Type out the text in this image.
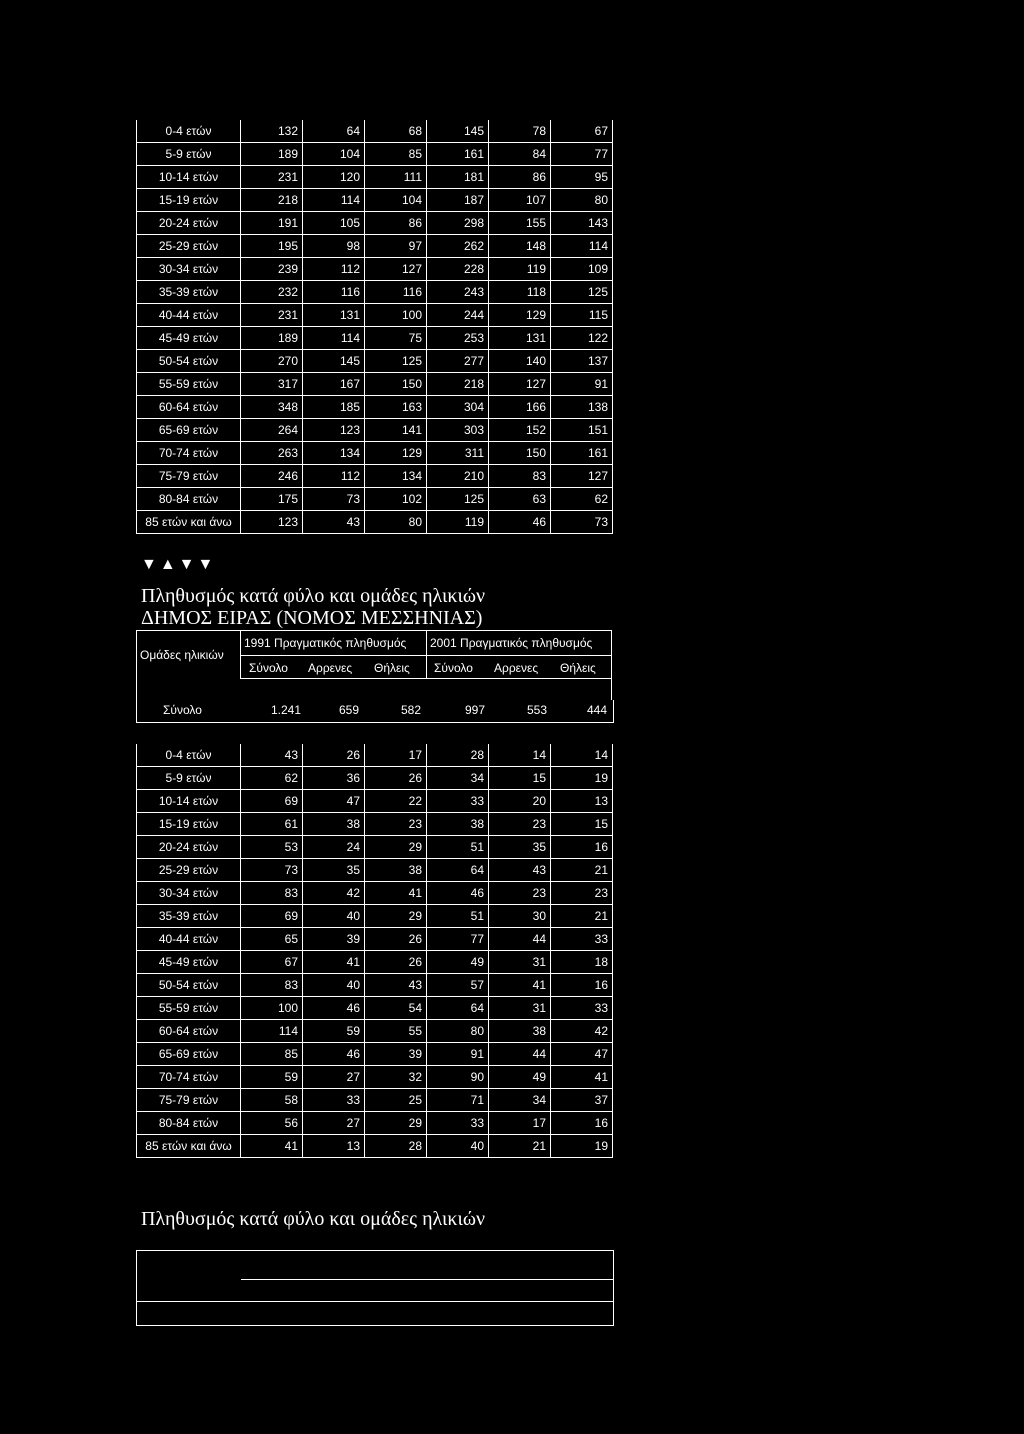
0-4 ετών	132	64	68	145	78	67
5-9 ετών	189	104	85	161	84	77
10-14 ετών	231	120	111	181	86	95
15-19 ετών	218	114	104	187	107	80
20-24 ετών	191	105	86	298	155	143
25-29 ετών	195	98	97	262	148	114
30-34 ετών	239	112	127	228	119	109
35-39 ετών	232	116	116	243	118	125
40-44 ετών	231	131	100	244	129	115
45-49 ετών	189	114	75	253	131	122
50-54 ετών	270	145	125	277	140	137
55-59 ετών	317	167	150	218	127	91
60-64 ετών	348	185	163	304	166	138
65-69 ετών	264	123	141	303	152	151
70-74 ετών	263	134	129	311	150	161
75-79 ετών	246	112	134	210	83	127
80-84 ετών	175	73	102	125	63	62
85 ετών και άνω	123	43	80	119	46	73
▼▲▼▼
Πληθυσμός κατά φύλο και ομάδες ηλικιών
ΔΗΜΟΣ ΕΙΡΑΣ (ΝΟΜΟΣ ΜΕΣΣΗΝΙΑΣ)
Ομάδες ηλικιών
1991 Πραγματικός πληθυσμός 2001 Πραγματικός πληθυσμός
Σύνολο Αρρενες Θήλεις Σύνολο Αρρενες Θήλεις
Σύνολο	1.241	659	582	997	553	444
0-4 ετών	43	26	17	28	14	14
5-9 ετών	62	36	26	34	15	19
10-14 ετών	69	47	22	33	20	13
15-19 ετών	61	38	23	38	23	15
20-24 ετών	53	24	29	51	35	16
25-29 ετών	73	35	38	64	43	21
30-34 ετών	83	42	41	46	23	23
35-39 ετών	69	40	29	51	30	21
40-44 ετών	65	39	26	77	44	33
45-49 ετών	67	41	26	49	31	18
50-54 ετών	83	40	43	57	41	16
55-59 ετών	100	46	54	64	31	33
60-64 ετών	114	59	55	80	38	42
65-69 ετών	85	46	39	91	44	47
70-74 ετών	59	27	32	90	49	41
75-79 ετών	58	33	25	71	34	37
80-84 ετών	56	27	29	33	17	16
85 ετών και άνω	41	13	28	40	21	19
Πληθυσμός κατά φύλο και ομάδες ηλικιών
